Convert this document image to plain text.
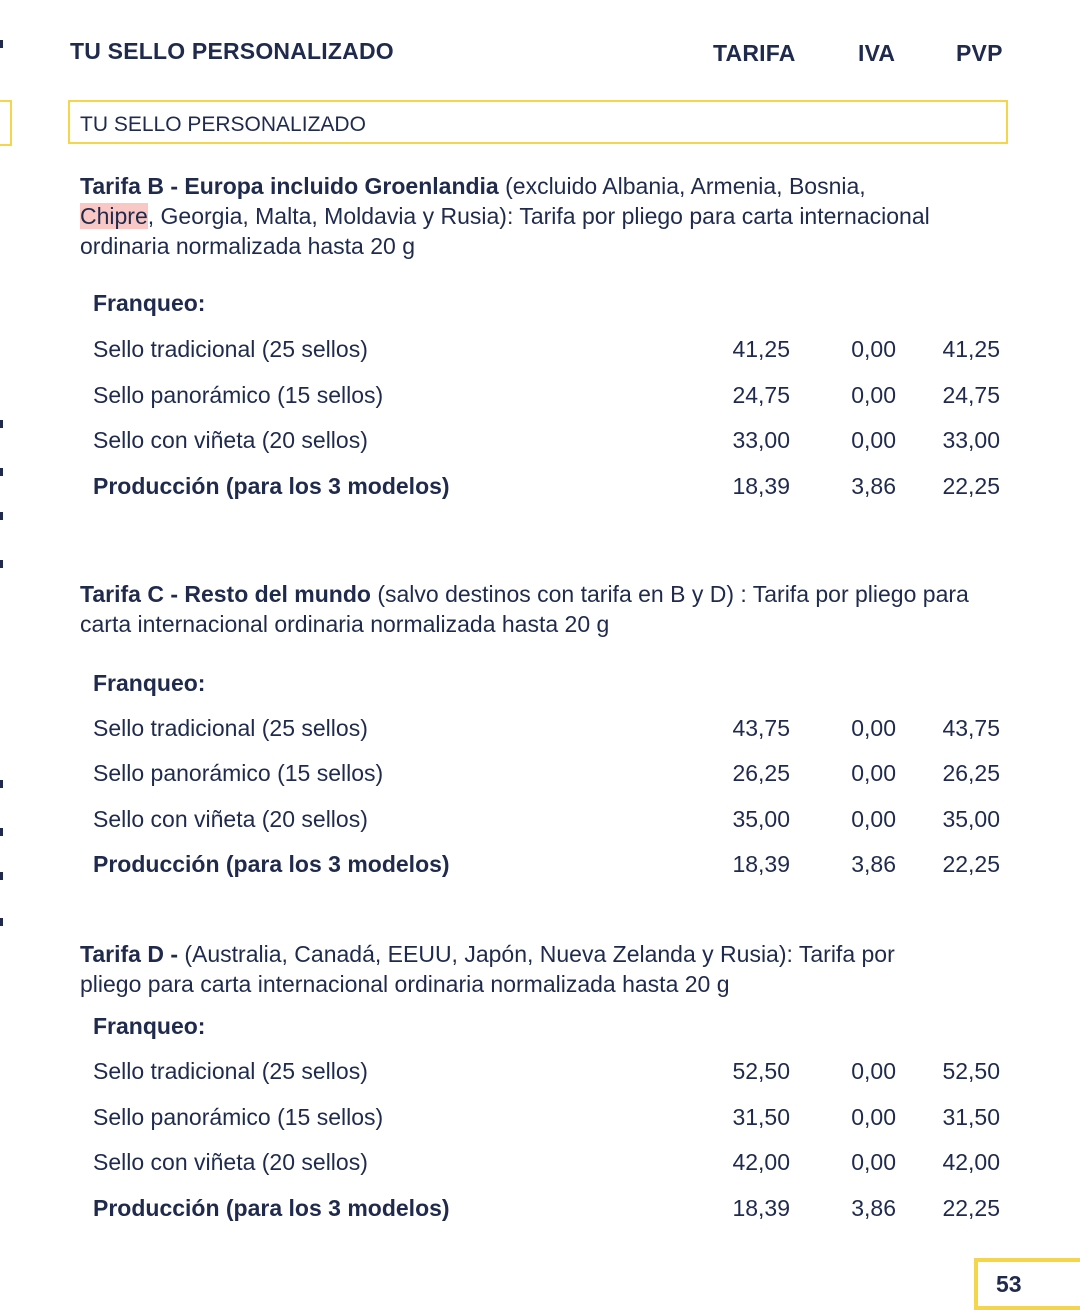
TU SELLO PERSONALIZADO	TARIFA	IVA	PVP
TU SELLO PERSONALIZADO
Tarifa B - Europa incluido Groenlandia (excluido Albania, Armenia, Bosnia,
Chipre, Georgia, Malta, Moldavia y Rusia): Tarifa por pliego para carta internacional ordinaria normalizada hasta 20 g
Franqueo:
Sello tradicional (25 sellos)	41,25	0,00	41,25
Sello panorámico (15 sellos)	24,75	0,00	24,75
Sello con viñeta (20 sellos)	33,00	0,00	33,00
Producción (para los 3 modelos)	18,39	3,86	22,25
Tarifa C - Resto del mundo (salvo destinos con tarifa en B y D) : Tarifa por pliego para carta internacional ordinaria normalizada hasta 20 g
Franqueo:
Sello tradicional (25 sellos)	43,75	0,00	43,75
Sello panorámico (15 sellos)	26,25	0,00	26,25
Sello con viñeta (20 sellos)	35,00	0,00	35,00
Producción (para los 3 modelos)	18,39	3,86	22,25
Tarifa D - (Australia, Canadá, EEUU, Japón, Nueva Zelanda y Rusia): Tarifa por pliego para carta internacional ordinaria normalizada hasta 20 g
Franqueo:
Sello tradicional (25 sellos)	52,50	0,00	52,50
Sello panorámico (15 sellos)	31,50	0,00	31,50
Sello con viñeta (20 sellos)	42,00	0,00	42,00
Producción (para los 3 modelos)	18,39	3,86	22,25
53
